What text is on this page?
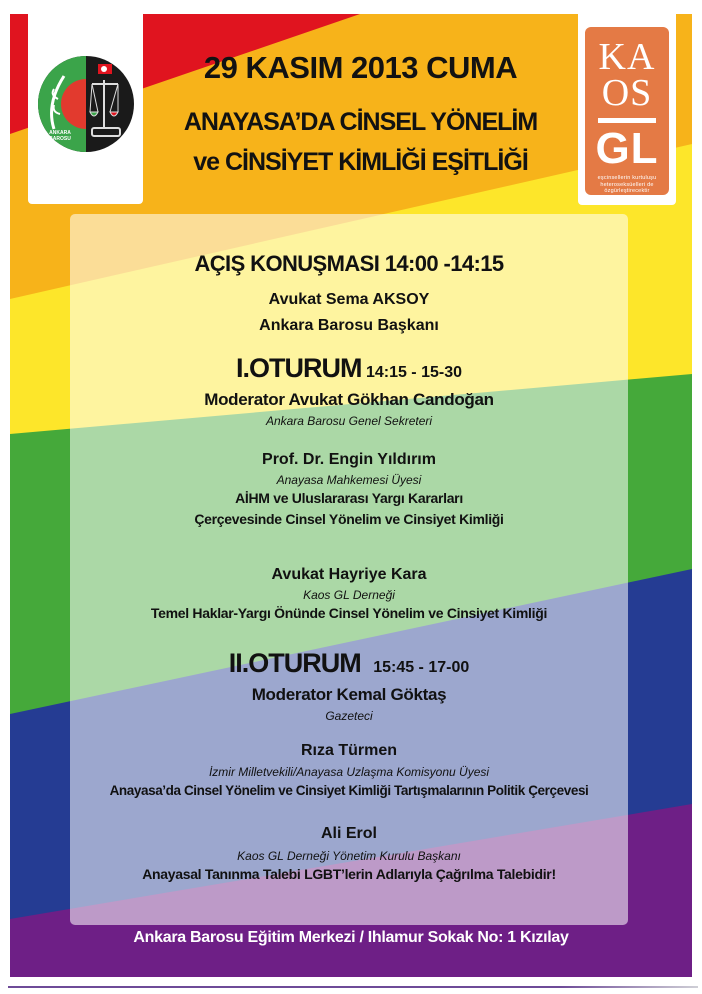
ANKARA
BAROSU
29 KASIM 2013 CUMA
ANAYASA’DA CİNSEL YÖNELİM
ve CİNSİYET KİMLİĞİ EŞİTLİĞİ
KA
OS
GL
eşcinsellerin kurtuluşu
heteroseksüelleri de
özgürleştirecektir
AÇIŞ KONUŞMASI 14:00 -14:15
Avukat Sema AKSOY
Ankara Barosu Başkanı
I.OTURUM 14:15 - 15-30
Moderator Avukat Gökhan Candoğan
Ankara Barosu Genel Sekreteri
Prof. Dr. Engin Yıldırım
Anayasa Mahkemesi Üyesi
AİHM ve Uluslararası Yargı Kararları
Çerçevesinde Cinsel Yönelim ve Cinsiyet Kimliği
Avukat Hayriye Kara
Kaos GL Derneği
Temel Haklar-Yargı Önünde Cinsel Yönelim ve Cinsiyet Kimliği
II.OTURUM 15:45 - 17-00
Moderator Kemal Göktaş
Gazeteci
Rıza Türmen
İzmir Milletvekili/Anayasa Uzlaşma Komisyonu Üyesi
Anayasa’da Cinsel Yönelim ve Cinsiyet Kimliği Tartışmalarının Politik Çerçevesi
Ali Erol
Kaos GL Derneği Yönetim Kurulu Başkanı
Anayasal Tanınma Talebi LGBT’lerin Adlarıyla Çağrılma Talebidir!
Ankara Barosu Eğitim Merkezi / Ihlamur Sokak No: 1 Kızılay
